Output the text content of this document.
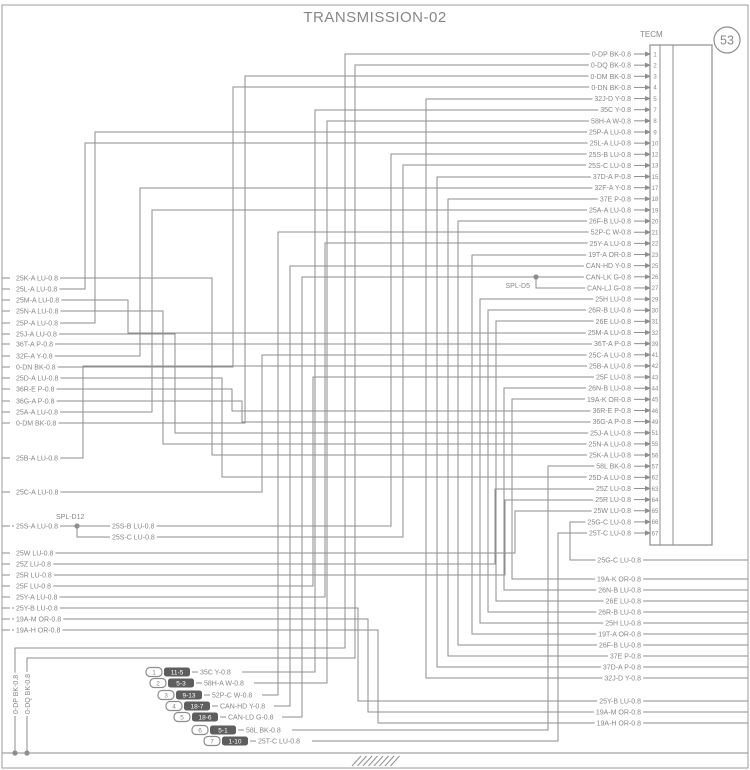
TRANSMISSION-02
0-DP BK-0.8 0-DQ BK-0.8
25K-A LU-0.8
25L-A LU-0.8
25M-A LU-0.8
25N-A LU-0.8
25P-A LU-0.8
25J-A LU-0.8
36T-A P-0.8
32F-A Y-0.8
0-DN BK-0.8
25D-A LU-0.8
36R-E P-0.8
36G-A P-0.8
25A-A LU-0.8
0-DM BK-0.8
25B-A LU-0.8
25C-A LU-0.8
25S-A LU-0.8
25W LU-0.8
25Z LU-0.8
25R LU-0.8
25F LU-0.8
25Y-A LU-0.8
25Y-B LU-0.8
19A-M OR-0.8
19A-H OR-0.8
25S-B LU-0.8
25S-C LU-0.8
25G-C LU-0.8
19A-K OR-0.8
26N-B LU-0.8
26E LU-0.8
26R-B LU-0.8
25H LU-0.8
19T-A OR-0.8
26F-B LU-0.8
37E P-0.8
37D-A P-0.8
32J-D Y-0.8
25Y-B LU-0.8
19A-M OR-0.8
19A-H OR-0.8
1 11-5 35C Y-0.8
2	5-3	58H-A W-0.8
3 9-13 52P-C W-0.8
4 18-7 CAN-HD Y-0.8
5 18-6 CAN-LD G-0.8
6	5-1	58L BK-0.8
7 1-10 25T-C LU-0.8
SPL-D12
SPL-D5
TECM	53
0-DP BK-0.8	1
0-DQ BK-0.8	2
0-DM BK-0.8	3
0-DN BK-0.8	4
32J-D Y-0.8	5
35C Y-0.8	7
58H-A W-0.8	8
25P-A LU-0.8	9
25L-A LU-0.8	10
25S-B LU-0.8	12
25S-C LU-0.8	13
37D-A P-0.8	15
32F-A Y-0.8	17
37E P-0.8	18
25A-A LU-0.8	19
26F-B LU-0.8	20
52P-C W-0.8	21
25Y-A LU-0.8	22
19T-A OR-0.8	23
CAN-HD Y-0.8	25
CAN-LK G-0.8	26
CAN-LJ G-0.8	27
25H LU-0.8	29
26R-B LU-0.8	30
26E LU-0.8	31
25M-A LU-0.8	32
36T-A P-0.8	39
25C-A LU-0.8	41
25B-A LU-0.8	42
25F LU-0.8	43
26N-B LU-0.8	44
19A-K OR-0.8	45
36R-E P-0.8	46
36G-A P-0.8	49
25J-A LU-0.8	51
25N-A LU-0.8	55
25K-A LU-0.8	56
58L BK-0.8	57
25D-A LU-0.8	62
25Z LU-0.8	63
25R LU-0.8	64
25W LU-0.8	65
25G-C LU-0.8	66
25T-C LU-0.8	67
